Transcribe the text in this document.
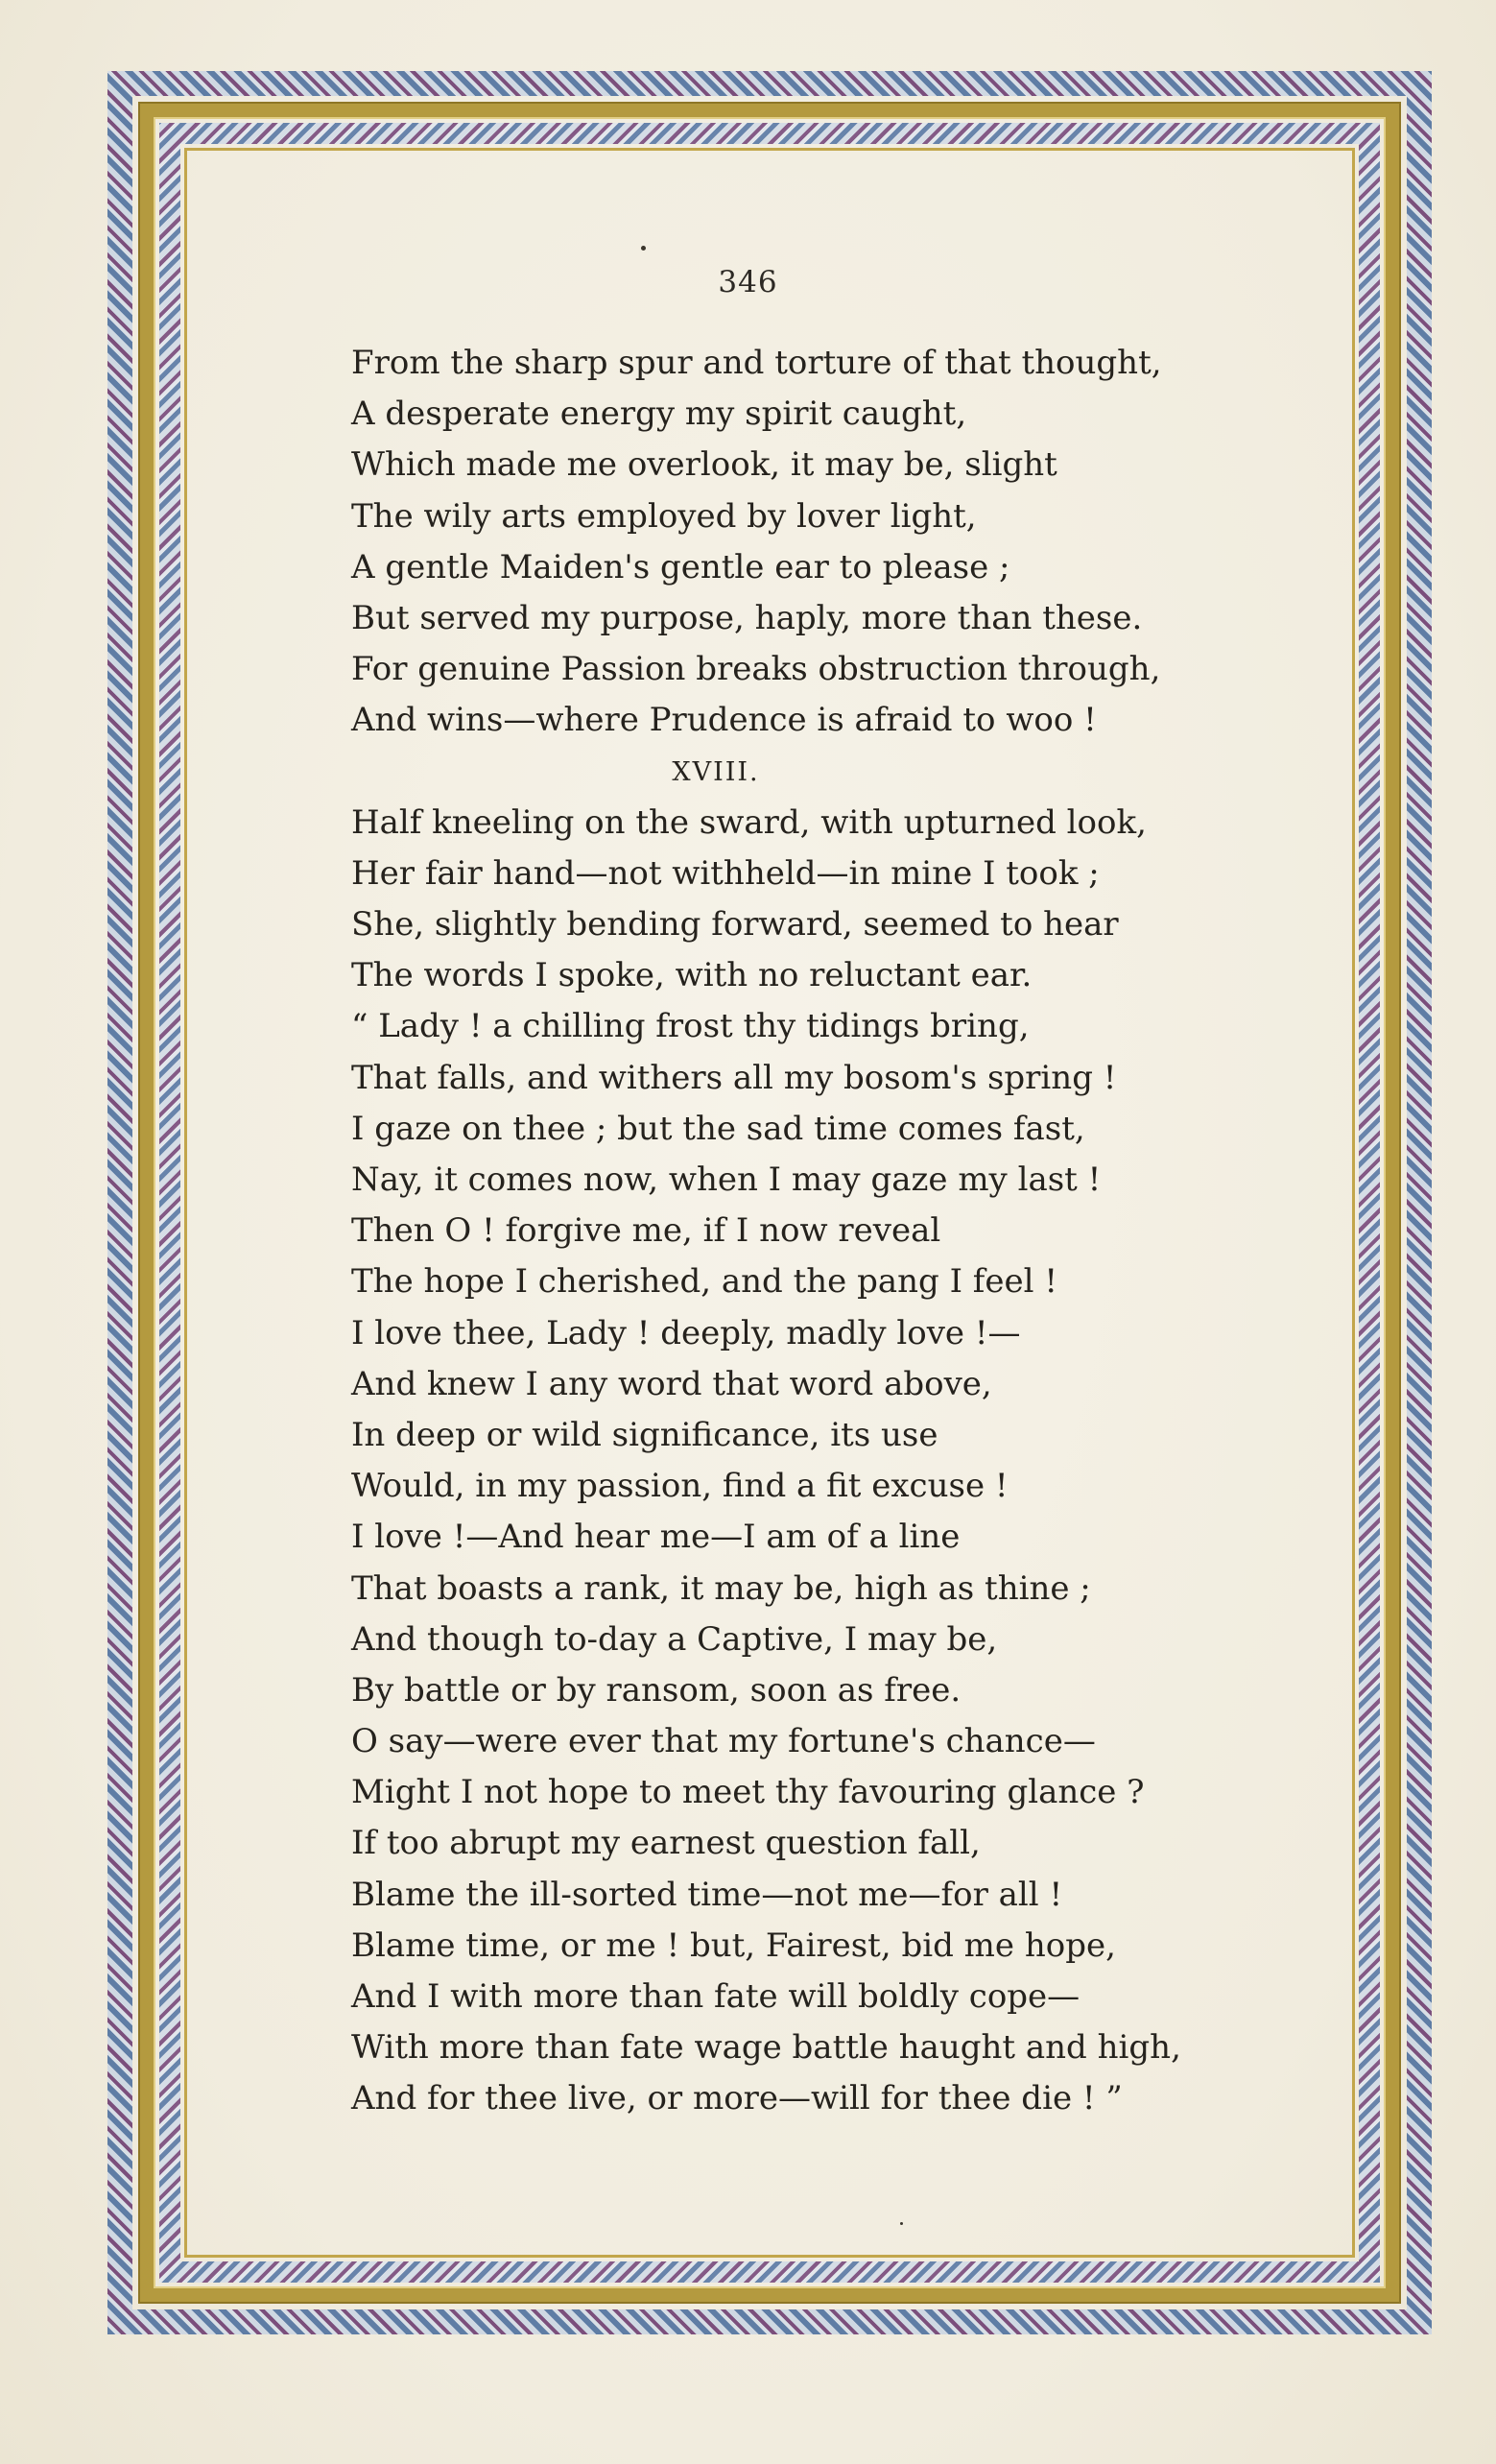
346
From the sharp spur and torture of that thought,
A desperate energy my spirit caught,
Which made me overlook, it may be, slight
The wily arts employed by lover light,
A gentle Maiden's gentle ear to please ;
But served my purpose, haply, more than these.
For genuine Passion breaks obstruction through,
And wins—where Prudence is afraid to woo !
XVIII.
Half kneeling on the sward, with upturned look,
Her fair hand—not withheld—in mine I took ;
She, slightly bending forward, seemed to hear
The words I spoke, with no reluctant ear.
“ Lady ! a chilling frost thy tidings bring,
That falls, and withers all my bosom's spring !
I gaze on thee ; but the sad time comes fast,
Nay, it comes now, when I may gaze my last !
Then O ! forgive me, if I now reveal
The hope I cherished, and the pang I feel !
I love thee, Lady ! deeply, madly love !—
And knew I any word that word above,
In deep or wild significance, its use
Would, in my passion, find a fit excuse !
I love !—And hear me—I am of a line
That boasts a rank, it may be, high as thine ;
And though to-day a Captive, I may be,
By battle or by ransom, soon as free.
O say—were ever that my fortune's chance—
Might I not hope to meet thy favouring glance ?
If too abrupt my earnest question fall,
Blame the ill-sorted time—not me—for all !
Blame time, or me ! but, Fairest, bid me hope,
And I with more than fate will boldly cope—
With more than fate wage battle haught and high,
And for thee live, or more—will for thee die ! ”
